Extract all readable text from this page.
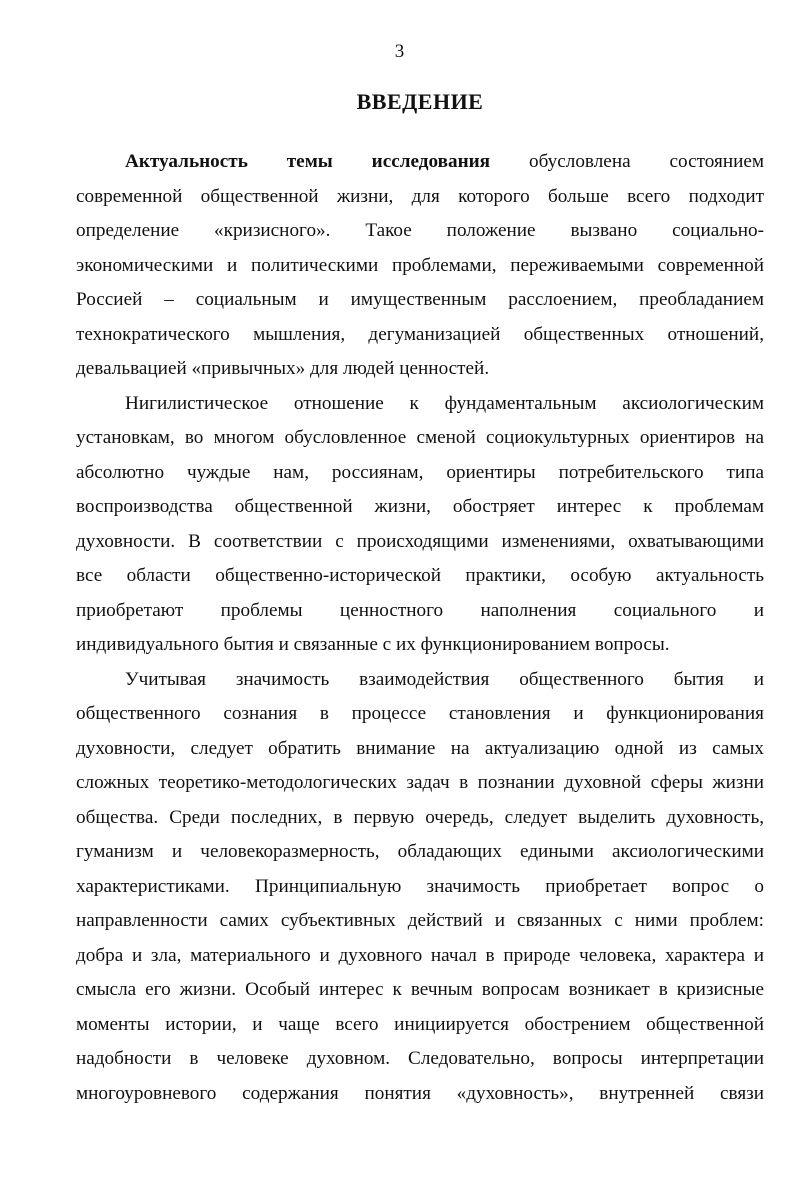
3
ВВЕДЕНИЕ
Актуальность темы исследования обусловлена состоянием
современной общественной жизни, для которого больше всего подходит
определение «кризисного». Такое положение вызвано социально-
экономическими и политическими проблемами, переживаемыми современной
Россией – социальным и имущественным расслоением, преобладанием
технократического мышления, дегуманизацией общественных отношений,
девальвацией «привычных» для людей ценностей.
Нигилистическое отношение к фундаментальным аксиологическим
установкам, во многом обусловленное сменой социокультурных ориентиров на
абсолютно чуждые нам, россиянам, ориентиры потребительского типа
воспроизводства общественной жизни, обостряет интерес к проблемам
духовности. В соответствии с происходящими изменениями, охватывающими
все области общественно-исторической практики, особую актуальность
приобретают проблемы ценностного наполнения социального и
индивидуального бытия и связанные с их функционированием вопросы.
Учитывая значимость взаимодействия общественного бытия и
общественного сознания в процессе становления и функционирования
духовности, следует обратить внимание на актуализацию одной из самых
сложных теоретико-методологических задач в познании духовной сферы жизни
общества. Среди последних, в первую очередь, следует выделить духовность,
гуманизм и человекоразмерность, обладающих едиными аксиологическими
характеристиками. Принципиальную значимость приобретает вопрос о
направленности самих субъективных действий и связанных с ними проблем:
добра и зла, материального и духовного начал в природе человека, характера и
смысла его жизни. Особый интерес к вечным вопросам возникает в кризисные
моменты истории, и чаще всего инициируется обострением общественной
надобности в человеке духовном. Следовательно, вопросы интерпретации
многоуровневого содержания понятия «духовность», внутренней связи
